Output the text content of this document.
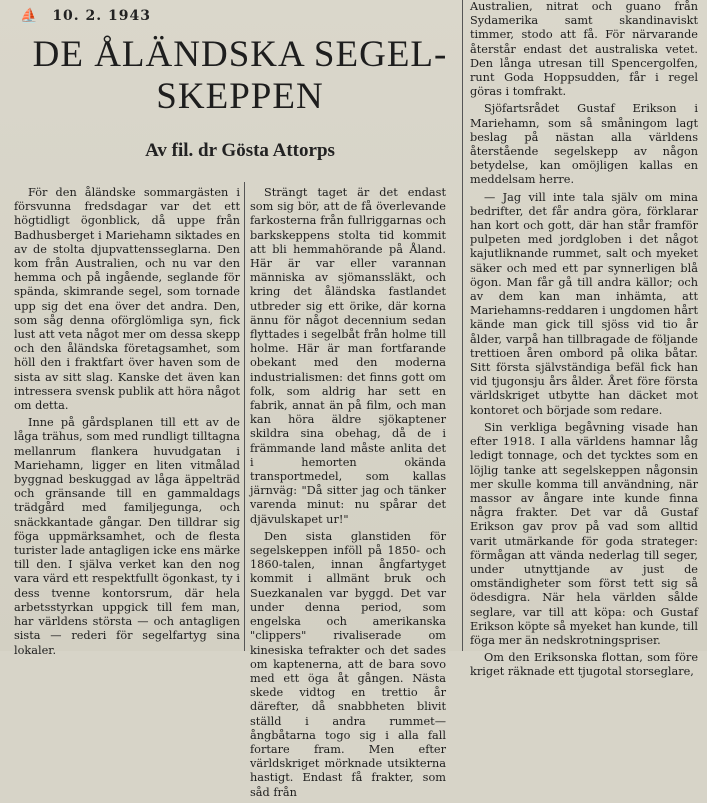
⛵ 10. 2. 1943
DE ÅLÄNDSKA SEGEL-
SKEPPEN
Av fil. dr Gösta Attorps

För den åländske sommargästen i försvunna fredsdagar var det ett högtidligt ögonblick, då uppe från Badhusberget i Mariehamn siktades en av de stolta djupvattensseglarna. Den kom från Australien, och nu var den hemma och på ingående, seglande för spända, skimrande segel, som tornade upp sig det ena över det andra. Den, som såg denna oförglömliga syn, fick lust att veta något mer om dessa skepp och den åländska företagsamhet, som höll den i fraktfart över haven som de sista av sitt slag. Kanske det även kan intressera svensk publik att höra något om detta.

Inne på gårdsplanen till ett av de låga trähus, som med rundligt tilltagna mellanrum flankera huvudgatan i Mariehamn, ligger en liten vitmålad byggnad beskuggad av låga äppelträd och gränsande till en gammaldags trädgård med familjegunga, och snäckkantade gångar. Den tilldrar sig föga uppmärksamhet, och de flesta turister lade antagligen icke ens märke till den. I själva verket kan den nog vara värd ett respektfullt ögonkast, ty i dess tvenne kontorsrum, där hela arbetsstyrkan uppgick till fem man, har världens största — och antagligen sista — rederi för segelfartyg sina lokaler.

Strängt taget är det endast som sig bör, att de få överlevande farkosterna från fullriggarnas och barkskeppens stolta tid kommit att bli hemmahörande på Åland. Här är var eller varannan människa av sjömanssläkt, och kring det åländska fastlandet utbreder sig ett örike, där korna ännu för något decennium sedan flyttades i segelbåt från holme till holme. Här är man fortfarande obekant med den moderna industrialismen: det finns gott om folk, som aldrig har sett en fabrik, annat än på film, och man kan höra äldre sjökaptener skildra sina obehag, då de i främmande land måste anlita det i hemorten okända transportmedel, som kallas järnväg: "Då sitter jag och tänker varenda minut: nu spårar det djävulskapet ur!"

Den sista glanstiden för segelskeppen inföll på 1850- och 1860-talen, innan ångfartyget kommit i allmänt bruk och Suezkanalen var byggd. Det var under denna period, som engelska och amerikanska "clippers" rivaliserade om kinesiska tefrakter och det sades om kaptenerna, att de bara sovo med ett öga åt gången. Nästa skede vidtog en trettio år därefter, då snabbheten blivit ställd i andra rummet— ångbåtarna togo sig i alla fall fortare fram. Men efter världskriget mörknade utsikterna hastigt. Endast få frakter, som såd från

Australien, nitrat och guano från Sydamerika samt skandinaviskt timmer, stodo att få. För närvarande återstår endast det australiska vetet. Den långa utresan till Spencergolfen, runt Goda Hoppsudden, får i regel göras i tomfrakt.

Sjöfartsrådet Gustaf Erikson i Mariehamn, som så småningom lagt beslag på nästan alla världens återstående segelskepp av någon betydelse, kan omöjligen kallas en meddelsam herre.

— Jag vill inte tala själv om mina bedrifter, det får andra göra, förklarar han kort och gott, där han står framför pulpeten med jordgloben i det något kajutliknande rummet, salt och myeket säker och med ett par synnerligen blå ögon. Man får gå till andra källor; och av dem kan man inhämta, att Mariehamns-reddaren i ungdomen hårt kände man gick till sjöss vid tio år ålder, varpå han tillbragade de följande trettioen åren ombord på olika båtar. Sitt första självständiga befäl fick han vid tjugonsju års ålder. Året före första världskriget utbytte han däcket mot kontoret och började som redare.

Sin verkliga begåvning visade han efter 1918. I alla världens hamnar låg ledigt tonnage, och det tycktes som en löjlig tanke att segelskeppen någonsin mer skulle komma till användning, när massor av ångare inte kunde finna några frakter. Det var då Gustaf Erikson gav prov på vad som alltid varit utmärkande för goda strateger: förmågan att vända nederlag till seger, under utnyttjande av just de omständigheter som först tett sig så ödesdigra. När hela världen sålde seglare, var till att köpa: och Gustaf Erikson köpte så myeket han kunde, till föga mer än nedskrotningspriser.

Om den Eriksonska flottan, som före kriget räknade ett tjugotal storseglare,
